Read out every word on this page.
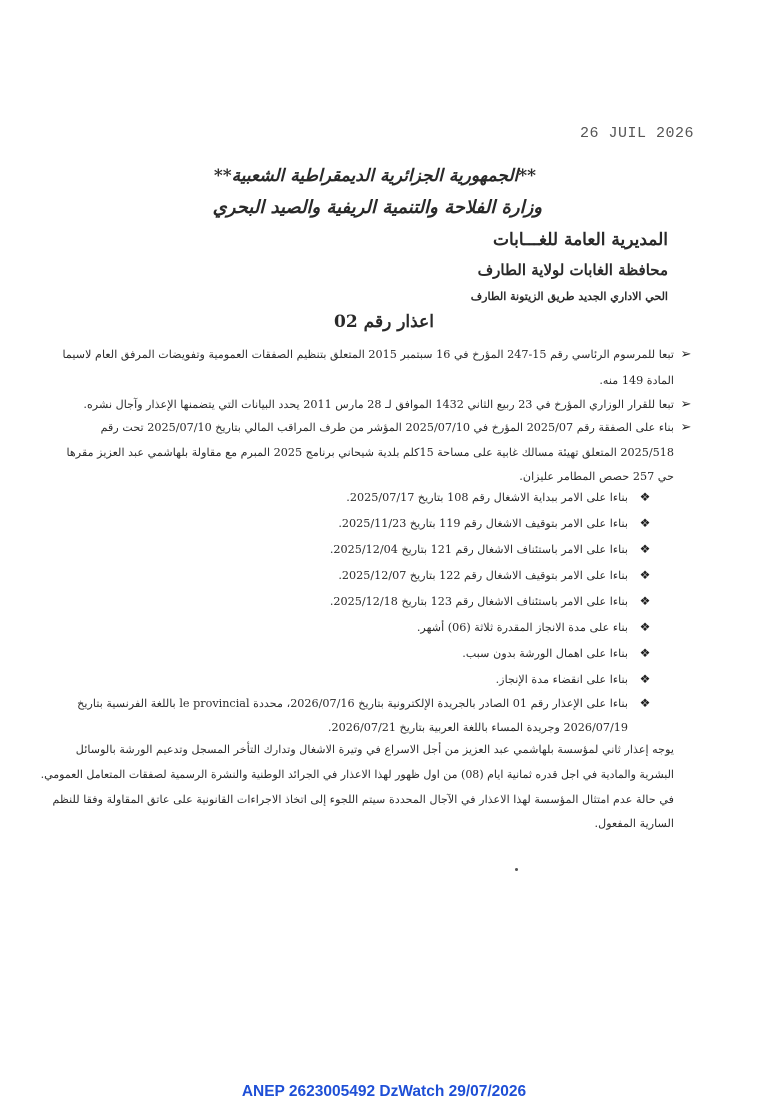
26 JUIL 2026
**الجمهورية الجزائرية الديمقراطية الشعبية**
وزارة الفلاحة والتنمية الريفية والصيد البحري
المديرية العامة للغـــابات
محافظة الغابات لولاية الطارف
الحي الاداري الجديد طريق الزيتونة الطارف
اعذار رقم 02
➢
تبعا للمرسوم الرئاسي رقم 15-247 المؤرخ في 16 سبتمبر 2015 المتعلق بتنظيم الصفقات العمومية وتفويضات المرفق العام لاسيما
المادة 149 منه.
➢
تبعا للقرار الوزاري المؤرخ في 23 ربيع الثاني 1432 الموافق لـ 28 مارس 2011 يحدد البيانات التي يتضمنها الإعذار وآجال نشره.
➢
بناء على الصفقة رقم 2025/07 المؤرخ في 2025/07/10 المؤشر من طرف المراقب المالي بتاريخ 2025/07/10 تحت رقم
2025/518 المتعلق تهيئة مسالك غابية على مساحة 15كلم بلدية شيحاني برنامج 2025 المبرم مع مقاولة بلهاشمي عبد العزيز مقرها
حي 257 حصص المطامر عليزان.
❖
بناءا على الامر ببداية الاشغال رقم 108 بتاريخ 2025/07/17.
❖
بناءا على الامر بتوقيف الاشغال رقم 119 بتاريخ 2025/11/23.
❖
بناءا على الامر باستئناف الاشغال رقم 121 بتاريخ 2025/12/04.
❖
بناءا على الامر بتوقيف الاشغال رقم 122 بتاريخ 2025/12/07.
❖
بناءا على الامر باستئناف الاشغال رقم 123 بتاريخ 2025/12/18.
❖
بناء على مدة الانجاز المقدرة ثلاثة (06) أشهر.
❖
بناءا على اهمال الورشة بدون سبب.
❖
بناءا على انقضاء مدة الإنجاز.
❖
بناءا على الإعذار رقم 01 الصادر بالجريدة الإلكترونية بتاريخ 2026/07/16، محددة le provincial باللغة الفرنسية بتاريخ
2026/07/19 وجريدة المساء باللغة العربية بتاريخ 2026/07/21.
يوجه إعذار ثاني لمؤسسة بلهاشمي عبد العزيز من أجل الاسراع في وتيرة الاشغال وتدارك التأخر المسجل وتدعيم الورشة بالوسائل
البشرية والمادية في اجل قدره ثمانية ايام (08) من اول ظهور لهذا الاعذار في الجرائد الوطنية والنشرة الرسمية لصفقات المتعامل العمومي.
في حالة عدم امتثال المؤسسة لهذا الاعذار في الآجال المحددة سيتم اللجوء إلى اتخاذ الاجراءات القانونية على عاتق المقاولة وفقا للنظم
السارية المفعول.
ANEP 2623005492 DzWatch 29/07/2026
